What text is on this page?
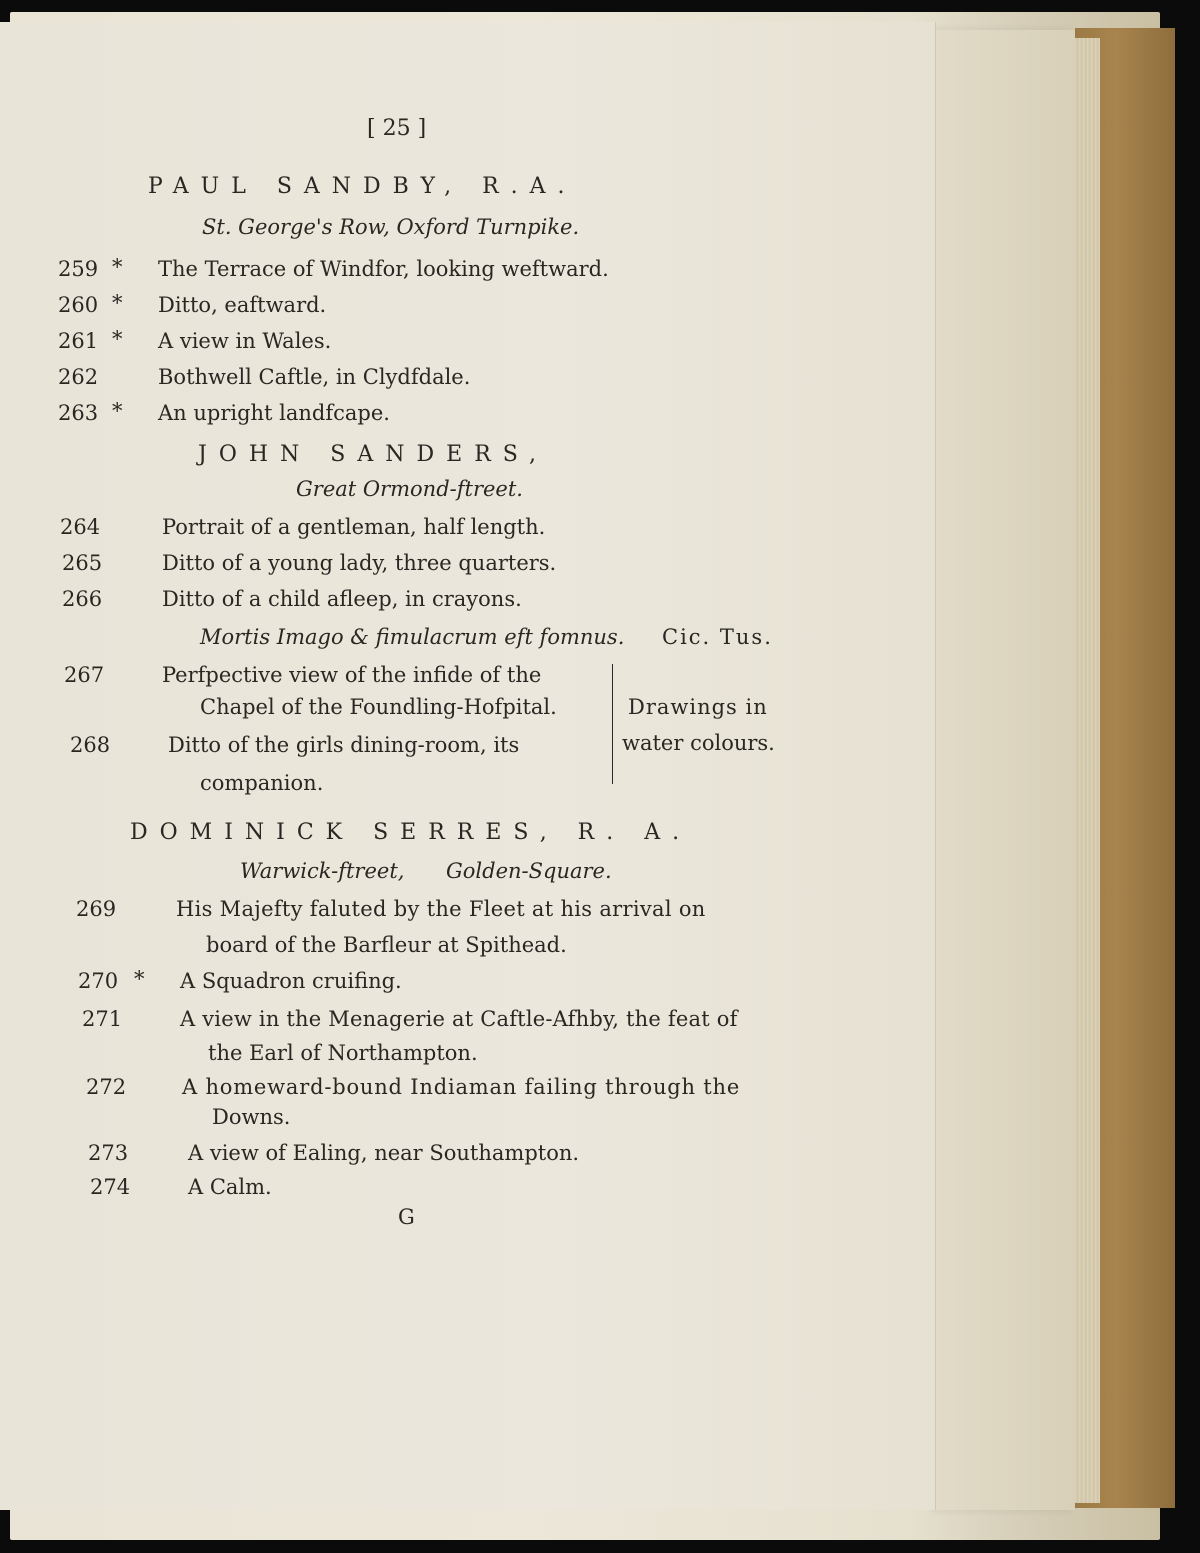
[ 25 ]
PAUL SANDBY, R.A.
St. George's Row, Oxford Turnpike.
259 * The Terrace of Windfor, looking weftward.
260 * Ditto, eaftward.
261 * A view in Wales.
262	Bothwell Caftle, in Clydfdale.
263 * An upright landfcape.
JOHN SANDERS,
Great Ormond-ftreet.
264	Portrait of a gentleman, half length.
265	Ditto of a young lady, three quarters.
266	Ditto of a child afleep, in crayons.
Mortis Imago & fimulacrum eft fomnus. Cic. Tus.
267	Perfpective view of the infide of the
Chapel of the Foundling-Hofpital.
268	Ditto of the girls dining-room, its
companion.
Drawings in
water colours.
DOMINICK SERRES, R. A.
Warwick-ftreet, Golden-Square.
269	His Majefty faluted by the Fleet at his arrival on
board of the Barfleur at Spithead.
270 * A Squadron cruifing.
271	A view in the Menagerie at Caftle-Afhby, the feat of
the Earl of Northampton.
272	A homeward-bound Indiaman failing through the
Downs.
273	A view of Ealing, near Southampton.
274	A Calm.
G
